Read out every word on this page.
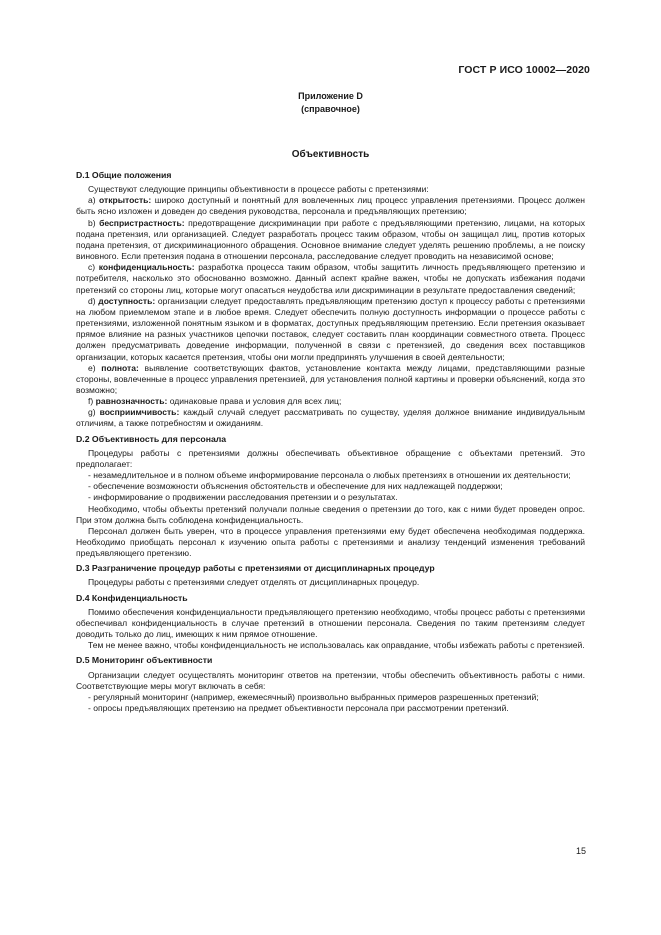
ГОСТ Р ИСО 10002—2020
Приложение D
(справочное)
Объективность
D.1 Общие положения

Существуют следующие принципы объективности в процессе работы с претензиями:

a) открытость: широко доступный и понятный для вовлеченных лиц процесс управления претензиями. Процесс должен быть ясно изложен и доведен до сведения руководства, персонала и предъявляющих претензию;

b) беспристрастность: предотвращение дискриминации при работе с предъявляющими претензию, лицами, на которых подана претензия, или организацией. Следует разработать процесс таким образом, чтобы он защищал лиц, против которых подана претензия, от дискриминационного обращения. Основное внимание следует уделять решению проблемы, а не поиску виновного. Если претензия подана в отношении персонала, расследование следует проводить на независимой основе;

c) конфиденциальность: разработка процесса таким образом, чтобы защитить личность предъявляющего претензию и потребителя, насколько это обоснованно возможно. Данный аспект крайне важен, чтобы не допускать избежания подачи претензий со стороны лиц, которые могут опасаться неудобства или дискриминации в результате предоставления сведений;

d) доступность: организации следует предоставлять предъявляющим претензию доступ к процессу работы с претензиями на любом приемлемом этапе и в любое время. Следует обеспечить полную доступность информации о процессе работы с претензиями, изложенной понятным языком и в форматах, доступных предъявляющим претензию. Если претензия оказывает прямое влияние на разных участников цепочки поставок, следует составить план координации совместного ответа. Процесс должен предусматривать доведение информации, полученной в связи с претензией, до сведения всех поставщиков организации, которых касается претензия, чтобы они могли предпринять улучшения в своей деятельности;

e) полнота: выявление соответствующих фактов, установление контакта между лицами, представляющими разные стороны, вовлеченные в процесс управления претензией, для установления полной картины и проверки объяснений, когда это возможно;

f) равнозначность: одинаковые права и условия для всех лиц;

g) восприимчивость: каждый случай следует рассматривать по существу, уделяя должное внимание индивидуальным отличиям, а также потребностям и ожиданиям.

D.2 Объективность для персонала

Процедуры работы с претензиями должны обеспечивать объективное обращение с объектами претензий. Это предполагает:

- незамедлительное и в полном объеме информирование персонала о любых претензиях в отношении их деятельности;

- обеспечение возможности объяснения обстоятельств и обеспечение для них надлежащей поддержки;

- информирование о продвижении расследования претензии и о результатах.

Необходимо, чтобы объекты претензий получали полные сведения о претензии до того, как с ними будет проведен опрос. При этом должна быть соблюдена конфиденциальность.

Персонал должен быть уверен, что в процессе управления претензиями ему будет обеспечена необходимая поддержка. Необходимо приобщать персонал к изучению опыта работы с претензиями и анализу тенденций изменения требований предъявляющего претензию.

D.3 Разграничение процедур работы с претензиями от дисциплинарных процедур

Процедуры работы с претензиями следует отделять от дисциплинарных процедур.

D.4 Конфиденциальность

Помимо обеспечения конфиденциальности предъявляющего претензию необходимо, чтобы процесс работы с претензиями обеспечивал конфиденциальность в случае претензий в отношении персонала. Сведения по таким претензиям следует доводить только до лиц, имеющих к ним прямое отношение.

Тем не менее важно, чтобы конфиденциальность не использовалась как оправдание, чтобы избежать работы с претензией.

D.5 Мониторинг объективности

Организации следует осуществлять мониторинг ответов на претензии, чтобы обеспечить объективность работы с ними. Соответствующие меры могут включать в себя:

- регулярный мониторинг (например, ежемесячный) произвольно выбранных примеров разрешенных претензий;

- опросы предъявляющих претензию на предмет объективности персонала при рассмотрении претензий.

15
